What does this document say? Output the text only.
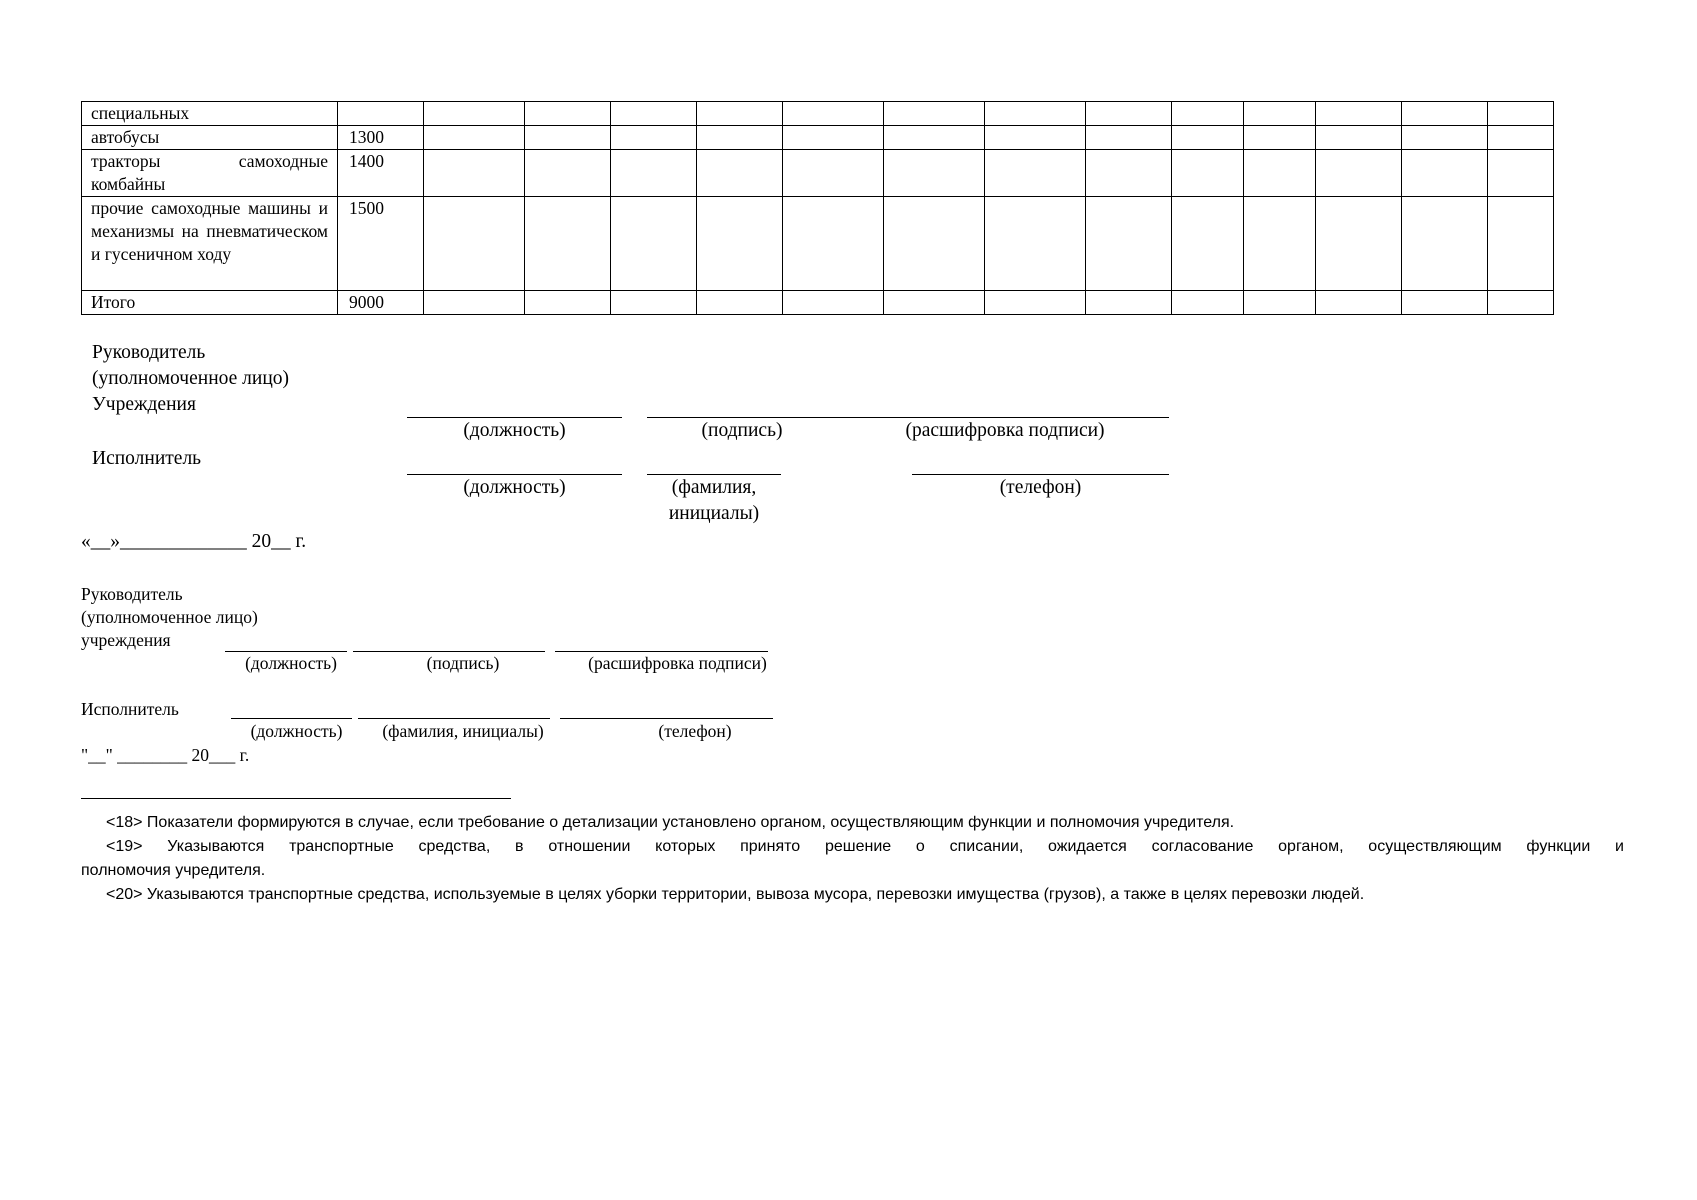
специальных														
автобусы	1300													
тракторы самоходные комбайны	1400													
прочие самоходные машины и механизмы на пневматическом и гусеничном ходу	1500													
Итого	9000													
Руководитель
(уполномоченное лицо)
Учреждения
(должность)	(подпись)	(расшифровка подписи)
Исполнитель
(должность)	(фамилия,
инициалы)
(телефон)
«__»_____________ 20__ г.
Руководитель
(уполномоченное лицо)
учреждения
(должность)	(подпись)	(расшифровка подписи)
Исполнитель
(должность)	(фамилия, инициалы)	(телефон)
"__" ________ 20___ г.
<18> Показатели формируются в случае, если требование о детализации установлено органом, осуществляющим функции и полномочия учредителя.
<19> Указываются транспортные средства, в отношении которых принято решение о списании, ожидается согласование органом, осуществляющим функции и
полномочия учредителя.
<20> Указываются транспортные средства, используемые в целях уборки территории, вывоза мусора, перевозки имущества (грузов), а также в целях перевозки людей.
